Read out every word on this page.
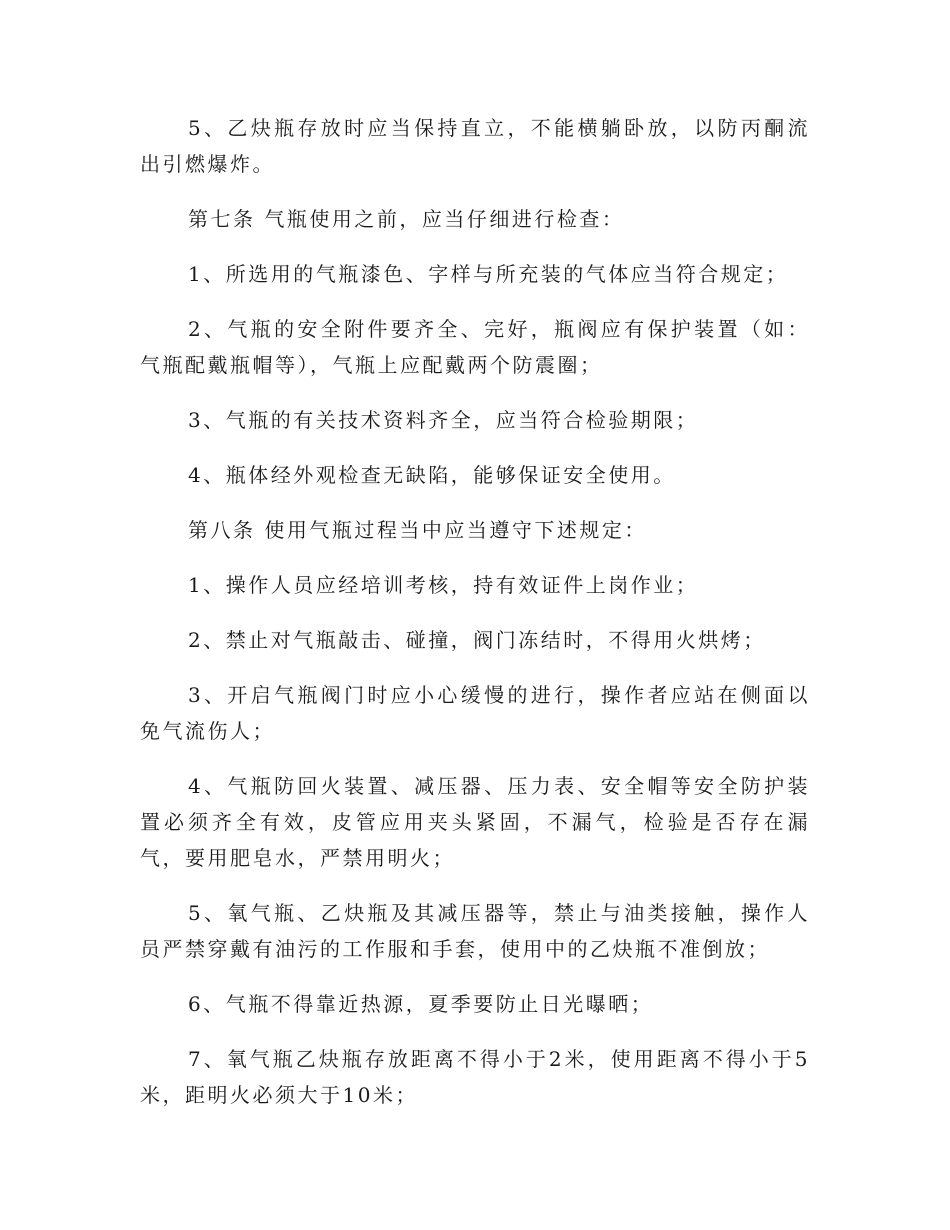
5、乙炔瓶存放时应当保持直立，不能横躺卧放，以防丙酮流出引燃爆炸。

第七条 气瓶使用之前，应当仔细进行检查：

1、所选用的气瓶漆色、字样与所充装的气体应当符合规定；

2、气瓶的安全附件要齐全、完好，瓶阀应有保护装置（如：气瓶配戴瓶帽等），气瓶上应配戴两个防震圈；

3、气瓶的有关技术资料齐全，应当符合检验期限；

4、瓶体经外观检查无缺陷，能够保证安全使用。

第八条 使用气瓶过程当中应当遵守下述规定：

1、操作人员应经培训考核，持有效证件上岗作业；

2、禁止对气瓶敲击、碰撞，阀门冻结时，不得用火烘烤；

3、开启气瓶阀门时应小心缓慢的进行，操作者应站在侧面以免气流伤人；

4、气瓶防回火装置、减压器、压力表、安全帽等安全防护装置必须齐全有效，皮管应用夹头紧固，不漏气，检验是否存在漏气，要用肥皂水，严禁用明火；

5、氧气瓶、乙炔瓶及其减压器等，禁止与油类接触，操作人员严禁穿戴有油污的工作服和手套，使用中的乙炔瓶不准倒放；

6、气瓶不得靠近热源，夏季要防止日光曝晒；

7、氧气瓶乙炔瓶存放距离不得小于2米，使用距离不得小于5米，距明火必须大于10米；
